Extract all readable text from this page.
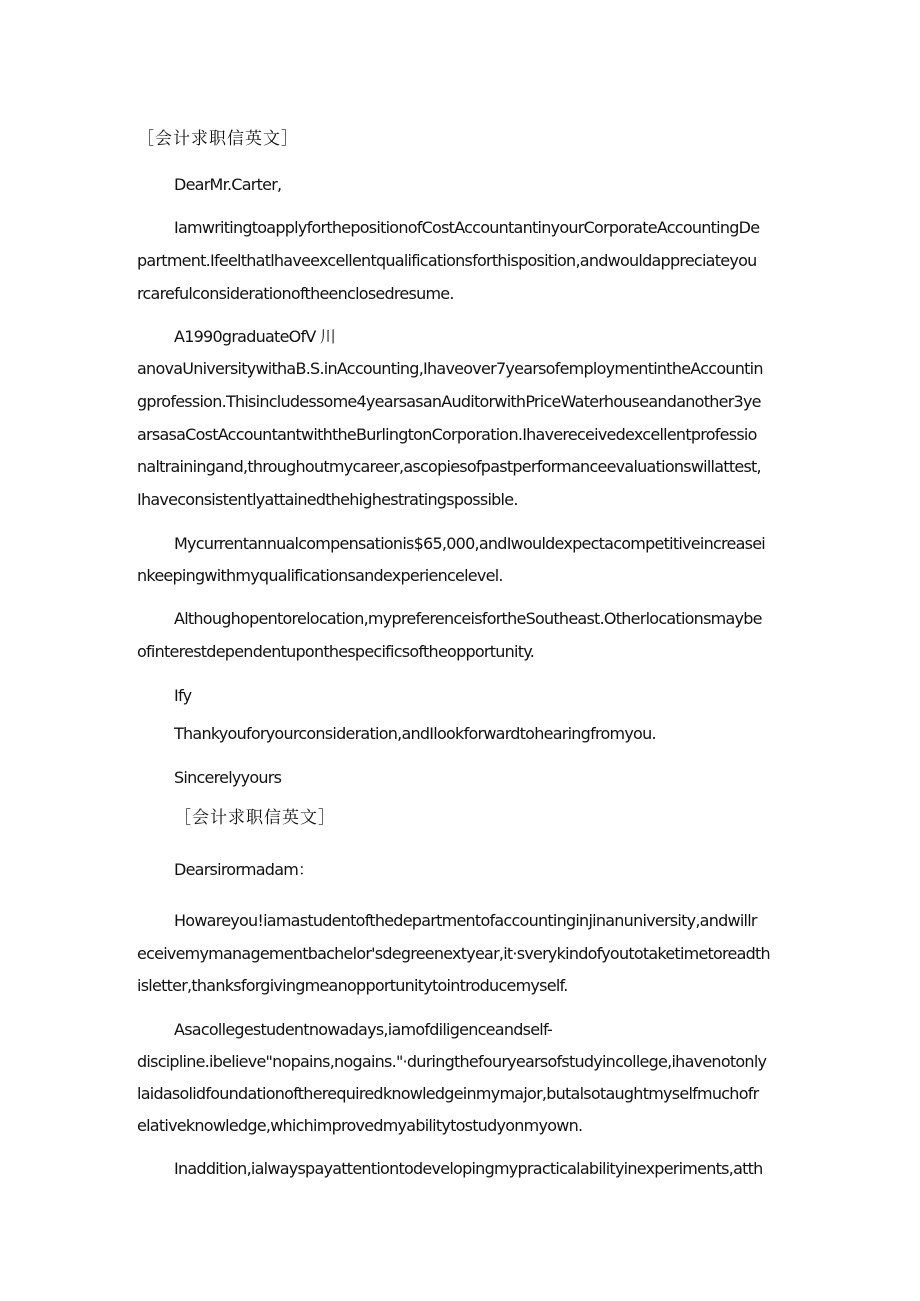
［会计求职信英文］
DearMr.Carter,
IamwritingtoapplyforthepositionofCostAccountantinyourCorporateAccountingDe
partment.Ifeelthatlhaveexcellentqualificationsforthisposition,andwouldappreciateyou
rcarefulconsiderationoftheenclosedresume.
A1990graduateOfV 川
anovaUniversitywithaB.S.inAccounting,Ihaveover7yearsofemploymentintheAccountin
gprofession.Thisincludessome4yearsasanAuditorwithPriceWaterhouseandanother3ye
arsasaCostAccountantwiththeBurlingtonCorporation.Ihavereceivedexcellentprofessio
naltrainingand,throughoutmycareer,ascopiesofpastperformanceevaluationswillattest,
Ihaveconsistentlyattainedthehighestratingspossible.
Mycurrentannualcompensationis$65,000,andIwouldexpectacompetitiveincreasei
nkeepingwithmyqualificationsandexperiencelevel.
Althoughopentorelocation,mypreferenceisfortheSoutheast.Otherlocationsmaybe
ofinterestdependentuponthespecificsoftheopportunity.
Ify
Thankyouforyourconsideration,andIlookforwardtohearingfromyou.
Sincerelyyours
［会计求职信英文］
Dearsirormadam：
Howareyou!iamastudentofthedepartmentofaccountinginjinanuniversity,andwillr
eceivemymanagementbachelor'sdegreenextyear,it·sverykindofyoutotaketimetoreadth
isletter,thanksforgivingmeanopportunitytointroducemyself.
Asacollegestudentnowadays,iamofdiligenceandself-
discipline.ibelieve"nopains,nogains."·duringthefouryearsofstudyincollege,ihavenotonly
laidasolidfoundationoftherequiredknowledgeinmymajor,butalsotaughtmyselfmuchofr
elativeknowledge,whichimprovedmyabilitytostudyonmyown.
Inaddition,ialwayspayattentiontodevelopingmypracticalabilityinexperiments,atth
